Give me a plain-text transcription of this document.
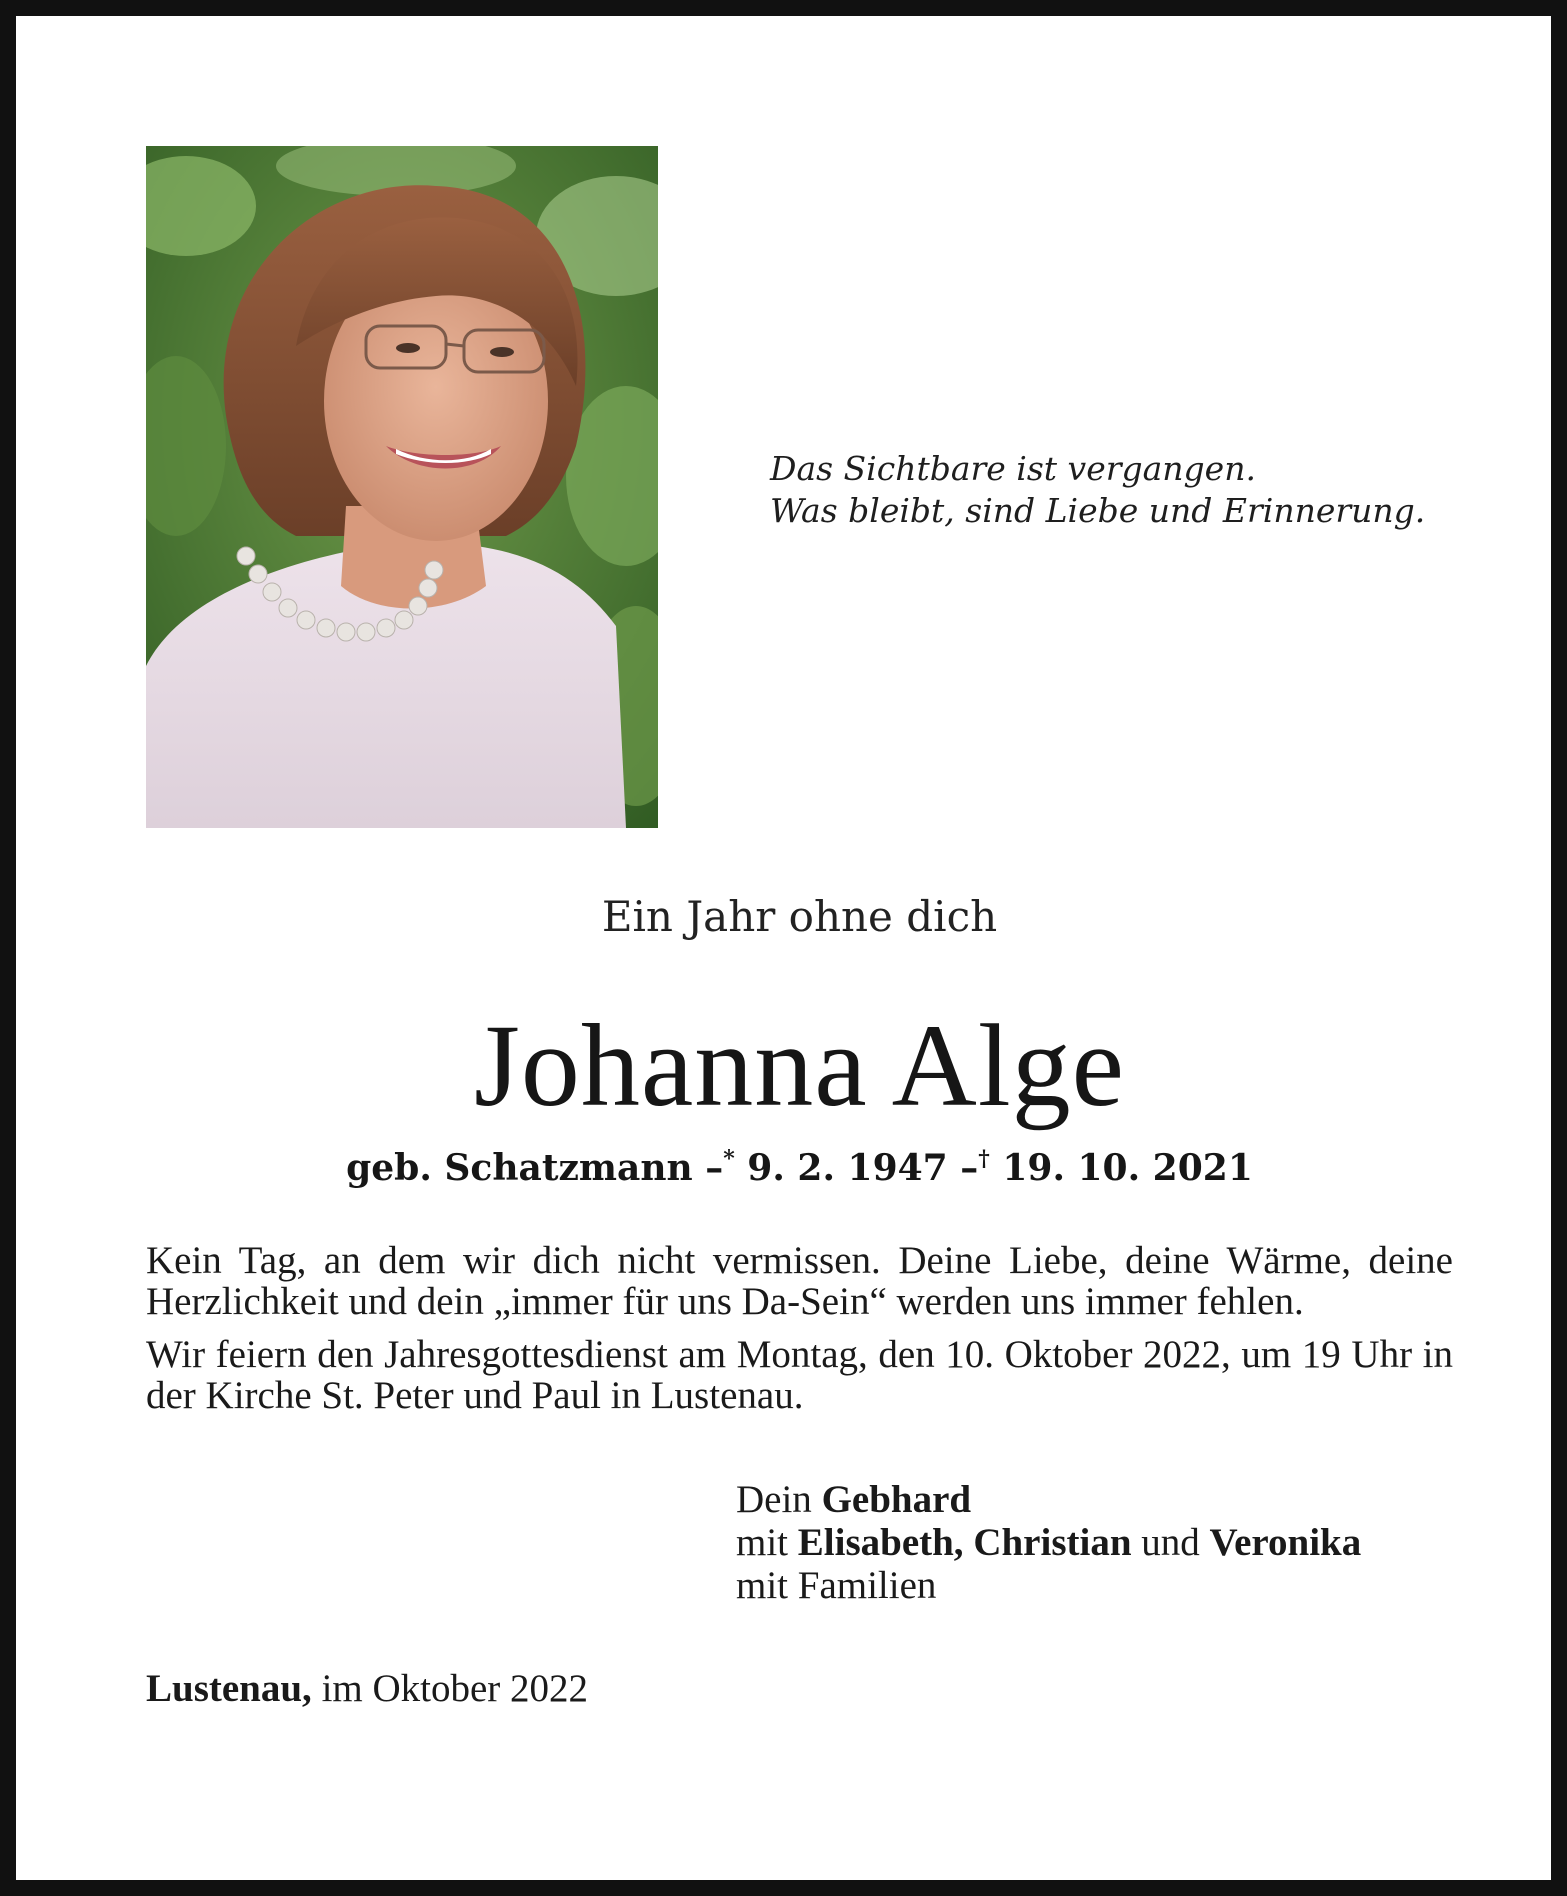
Das Sichtbare ist vergangen.
Was bleibt, sind Liebe und Erinnerung.
Ein Jahr ohne dich
Johanna Alge
geb. Schatzmann –* 9. 2. 1947 –† 19. 10. 2021

Kein Tag, an dem wir dich nicht vermissen. Deine Liebe, deine Wärme, deine Herzlichkeit und dein „immer für uns Da-Sein“ werden uns immer fehlen.

Wir feiern den Jahresgottesdienst am Montag, den 10. Oktober 2022, um 19 Uhr in der Kirche St. Peter und Paul in Lustenau.

Dein Gebhard
mit Elisabeth, Christian und Veronika
mit Familien
Lustenau, im Oktober 2022
